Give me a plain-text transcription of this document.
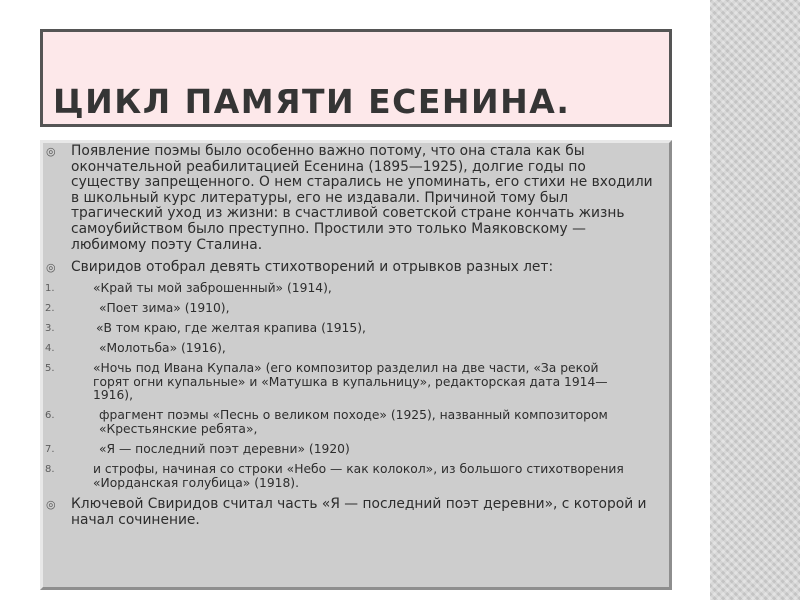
ЦИКЛ ПАМЯТИ ЕСЕНИНА.
◎ Появление поэмы было особенно важно потому, что она стала как бы окончательной реабилитацией Есенина (1895—1925), долгие годы по существу запрещенного. О нем старались не упоминать, его стихи не входили в школьный курс литературы, его не издавали. Причиной тому был трагический уход из жизни: в счастливой советской стране кончать жизнь самоубийством было преступно. Простили это только Маяковскому — любимому поэту Сталина.
◎ Свиридов отобрал девять стихотворений и отрывков разных лет:
1.	«Край ты мой заброшенный» (1914),
2.	«Поет зима» (1910),
3.	«В том краю, где желтая крапива (1915),
4.	«Молотьба» (1916),
5.	«Ночь под Ивана Купала» (его композитор разделил на две части, «За рекой горят огни купальные» и «Матушка в купальницу», редакторская дата 1914—1916),
6.	фрагмент поэмы «Песнь о великом походе» (1925), названный композитором «Крестьянские ребята»,
7.	«Я — последний поэт деревни» (1920)
8.	и строфы, начиная со строки «Небо — как колокол», из большого стихотворения «Иорданская голубица» (1918).
◎ Ключевой Свиридов считал часть «Я — последний поэт деревни», с которой и начал сочинение.
